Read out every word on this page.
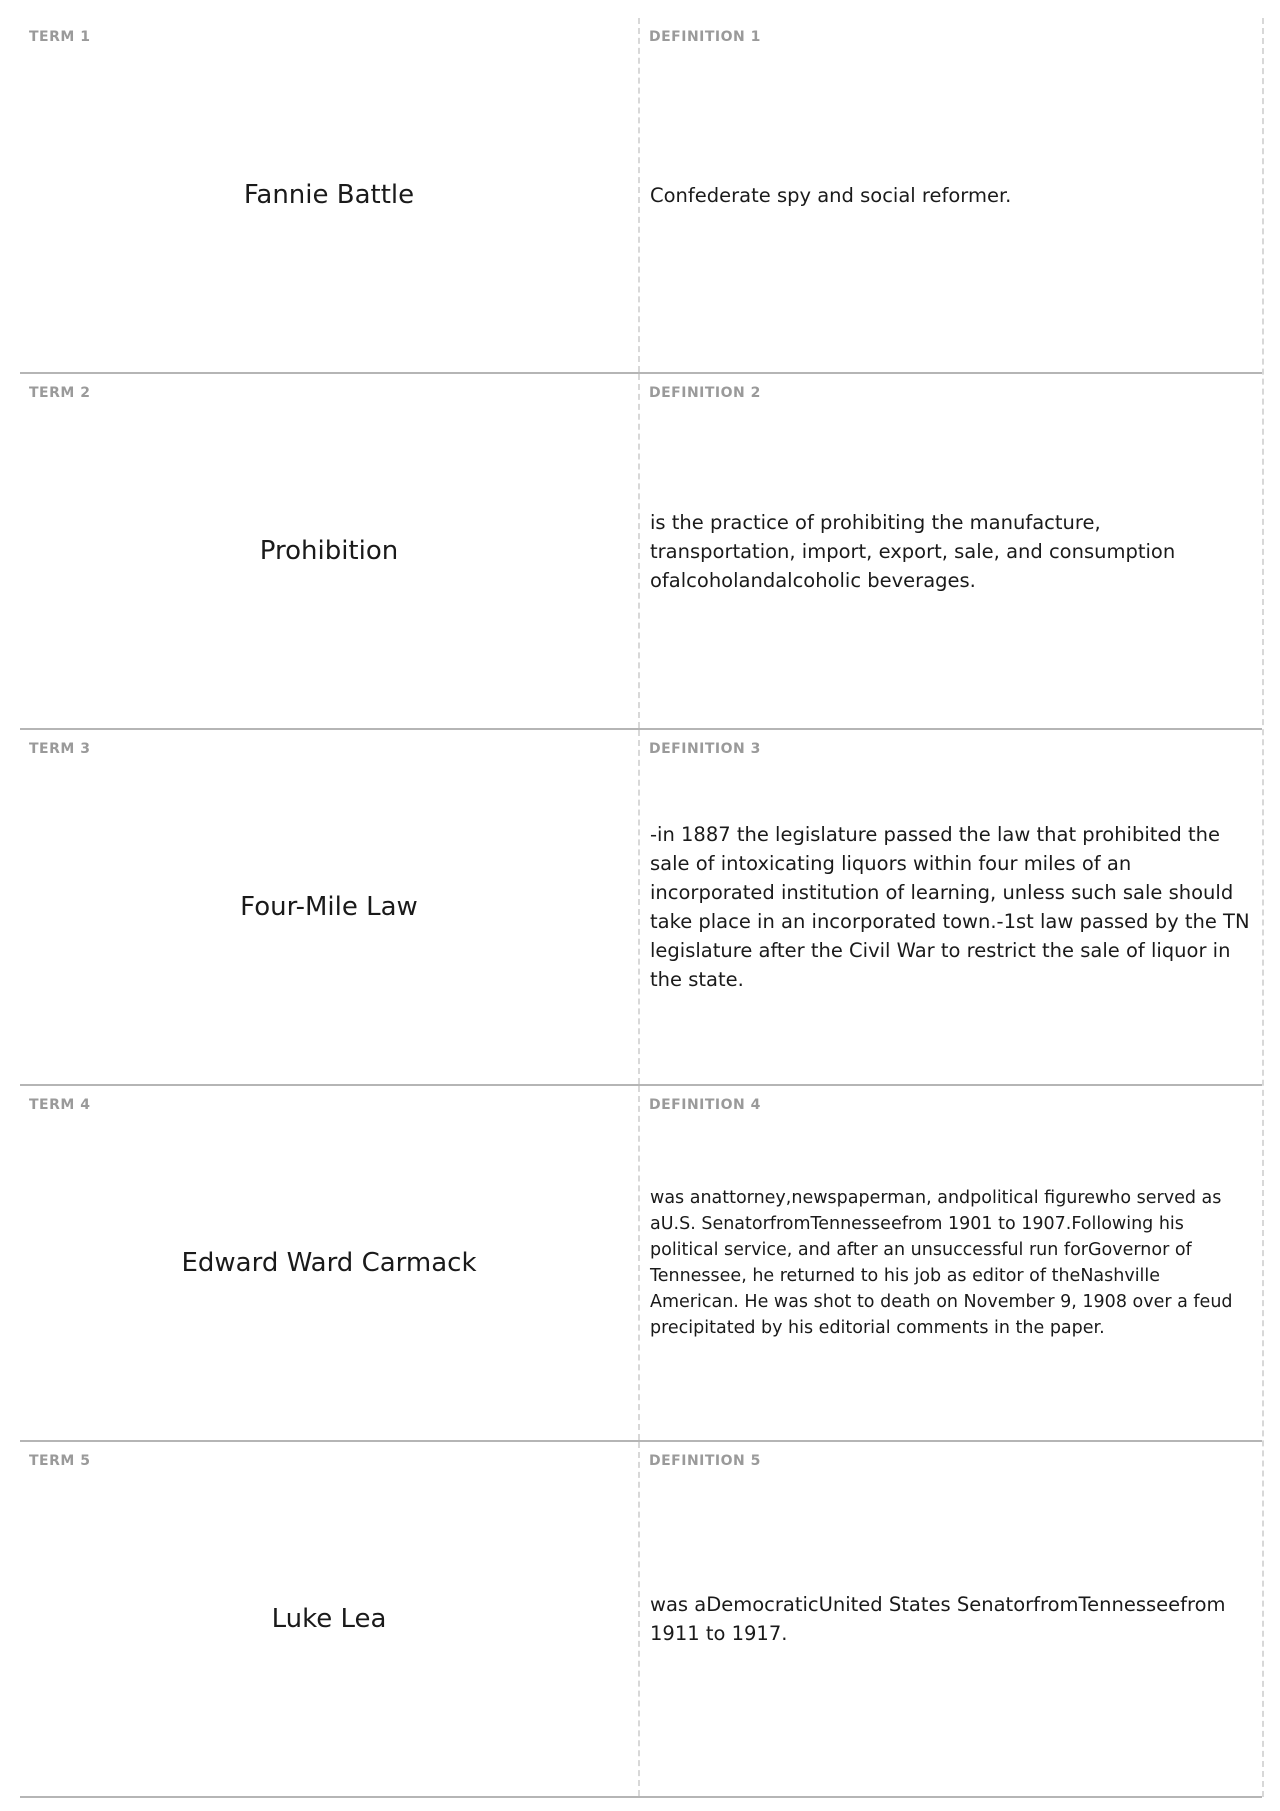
TERM 1
Fannie Battle
DEFINITION 1
Confederate spy and social reformer.
TERM 2
Prohibition
DEFINITION 2
is the practice of prohibiting the manufacture, transportation, import, export, sale, and consumption ofalcoholandalcoholic beverages.
TERM 3
Four-Mile Law
DEFINITION 3
-in 1887 the legislature passed the law that prohibited the sale of intoxicating liquors within four miles of an incorporated institution of learning, unless such sale should take place in an incorporated town.-1st law passed by the TN legislature after the Civil War to restrict the sale of liquor in the state.
TERM 4
Edward Ward Carmack
DEFINITION 4
was anattorney,newspaperman, andpolitical figurewho served as aU.S. SenatorfromTennesseefrom 1901 to 1907.Following his political service, and after an unsuccessful run forGovernor of Tennessee, he returned to his job as editor of theNashville American. He was shot to death on November 9, 1908 over a feud precipitated by his editorial comments in the paper.
TERM 5
Luke Lea
DEFINITION 5
was aDemocraticUnited States SenatorfromTennesseefrom 1911 to 1917.
